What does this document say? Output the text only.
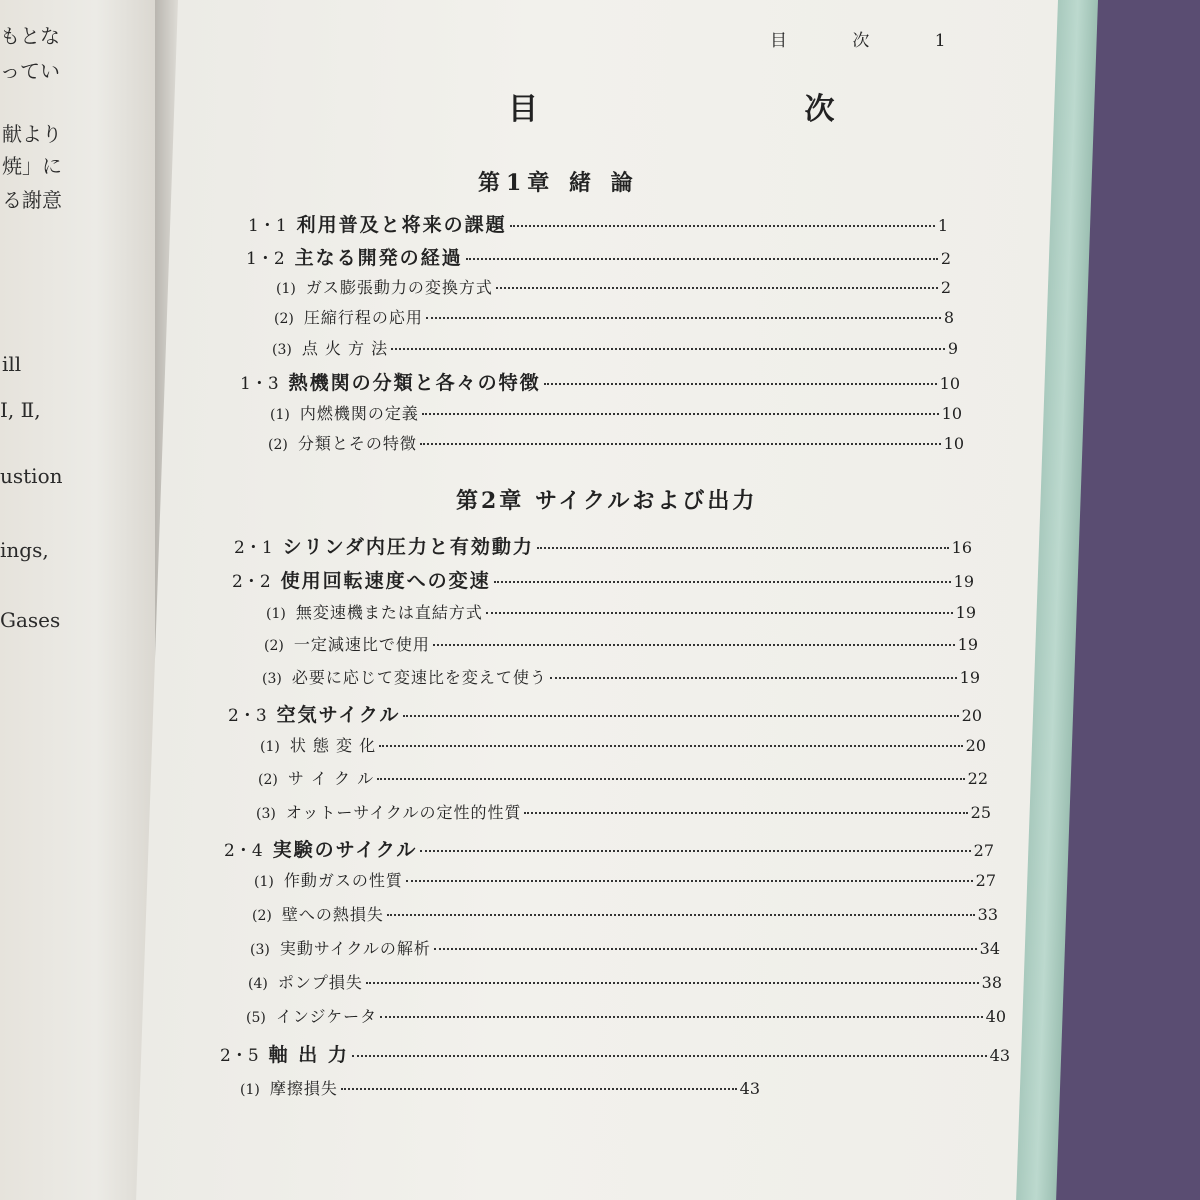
もとな
ってい
献より
焼」に
る謝意
ill
Ⅰ, Ⅱ,
ustion
ings,
Gases
目 次 1
目 次
第1章 緒 論
1・1 利用普及と将来の課題	1
1・2 主なる開発の経過	2
(1) ガス膨張動力の変換方式	2
(2) 圧縮行程の応用	8
(3) 点 火 方 法	9
1・3 熱機関の分類と各々の特徴	10
(1) 内燃機関の定義	10
(2) 分類とその特徴	10
第2章 サイクルおよび出力
2・1 シリンダ内圧力と有効動力	16
2・2 使用回転速度への変速	19
(1) 無変速機または直結方式	19
(2) 一定減速比で使用	19
(3) 必要に応じて変速比を変えて使う	19
2・3 空気サイクル	20
(1) 状 態 変 化	20
(2) サ イ ク ル	22
(3) オットーサイクルの定性的性質	25
2・4 実験のサイクル	27
(1) 作動ガスの性質	27
(2) 壁への熱損失	33
(3) 実動サイクルの解析	34
(4) ポンプ損失	38
(5) インジケータ	40
2・5 軸 出 力	43
(1) 摩擦損失	43
